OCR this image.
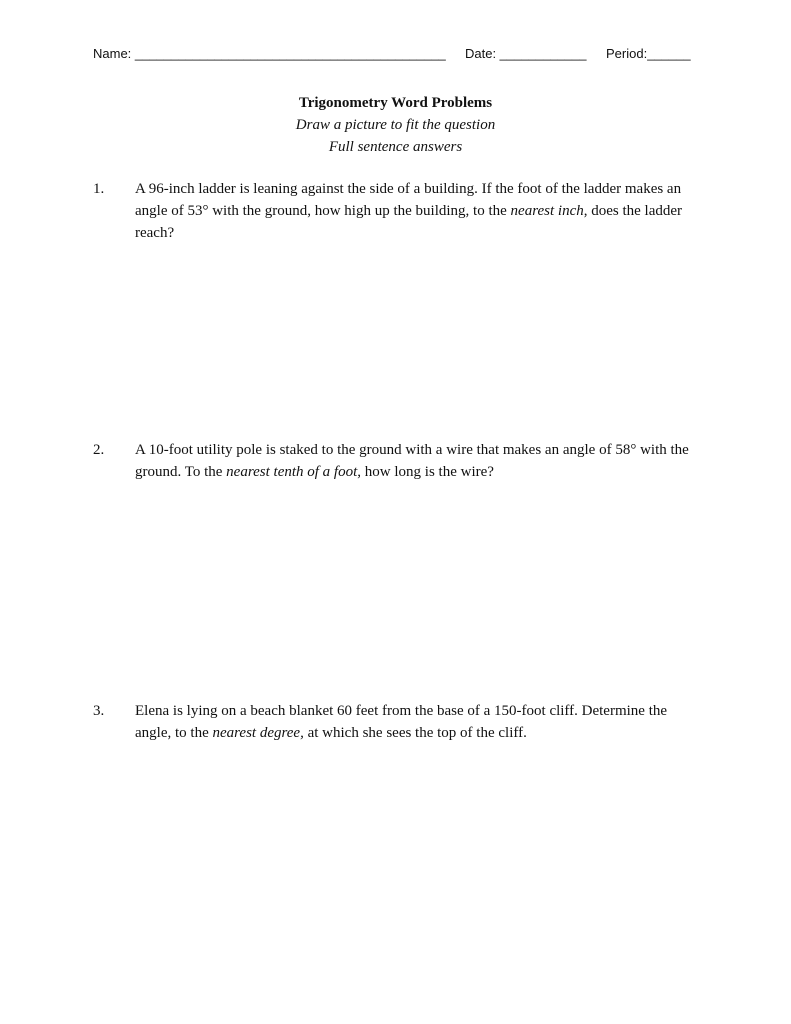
Name: ___________________________________________ Date: ____________ Period:______
Trigonometry Word Problems
Draw a picture to fit the question
Full sentence answers
1. A 96-inch ladder is leaning against the side of a building. If the foot of the ladder makes an angle of 53° with the ground, how high up the building, to the nearest inch, does the ladder reach?
2. A 10-foot utility pole is staked to the ground with a wire that makes an angle of 58° with the ground. To the nearest tenth of a foot, how long is the wire?
3. Elena is lying on a beach blanket 60 feet from the base of a 150-foot cliff. Determine the angle, to the nearest degree, at which she sees the top of the cliff.
